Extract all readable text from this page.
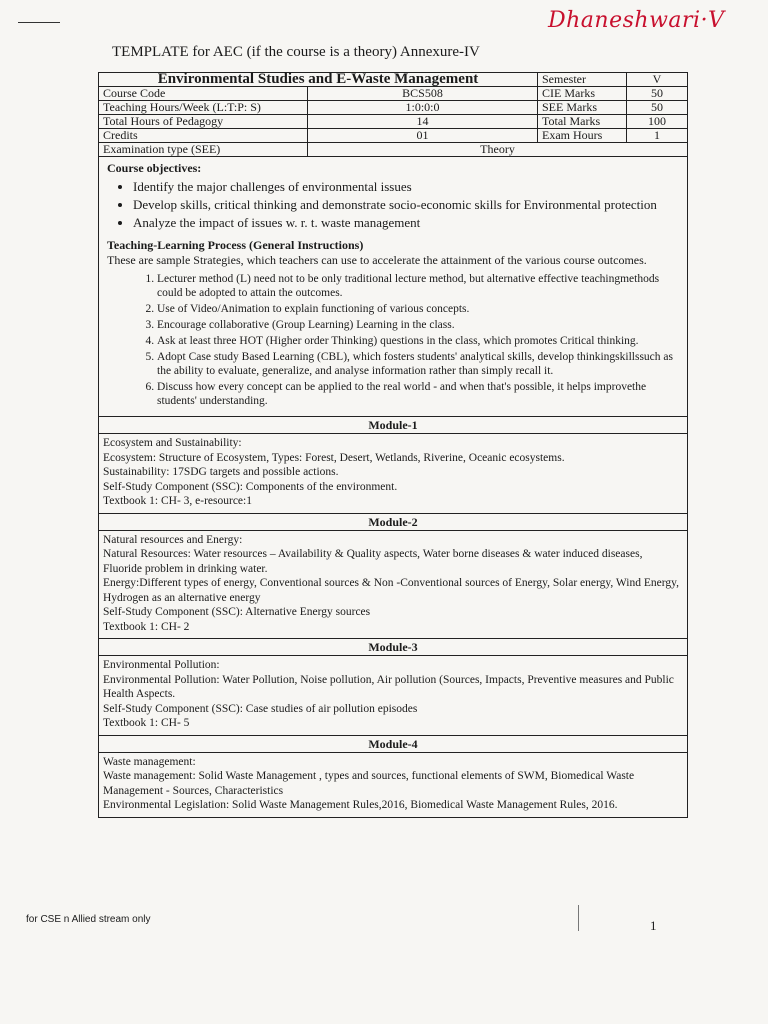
Dhaneshwari·V
TEMPLATE for AEC (if the course is a theory) Annexure-IV
Environmental Studies and E-Waste Management		Semester	V
Course Code	BCS508	CIE Marks	50
Teaching Hours/Week (L:T:P: S)	1:0:0:0	SEE Marks	50
Total Hours of Pedagogy	14	Total Marks	100
Credits	01	Exam Hours	1
Examination type (SEE)	Theory		
Course objectives:
• Identify the major challenges of environmental issues
• Develop skills, critical thinking and demonstrate socio-economic skills for Environmental protection
• Analyze the impact of issues w. r. t. waste management
Teaching-Learning Process (General Instructions)
These are sample Strategies, which teachers can use to accelerate the attainment of the various course outcomes.
1. Lecturer method (L) need not to be only traditional lecture method, but alternative effective teachingmethods could be adopted to attain the outcomes.
2. Use of Video/Animation to explain functioning of various concepts.
3. Encourage collaborative (Group Learning) Learning in the class.
4. Ask at least three HOT (Higher order Thinking) questions in the class, which promotes Critical thinking.
5. Adopt Case study Based Learning (CBL), which fosters students' analytical skills, develop thinkingskillssuch as the ability to evaluate, generalize, and analyse information rather than simply recall it.
6. Discuss how every concept can be applied to the real world - and when that's possible, it helps improvethe students' understanding.
Module-1
Ecosystem and Sustainability:
Ecosystem: Structure of Ecosystem, Types: Forest, Desert, Wetlands, Riverine, Oceanic ecosystems.
Sustainability: 17SDG targets and possible actions.
Self-Study Component (SSC): Components of the environment.
Textbook 1: CH- 3, e-resource:1
Module-2
Natural resources and Energy:
Natural Resources: Water resources – Availability & Quality aspects, Water borne diseases & water induced diseases, Fluoride problem in drinking water.
Energy:Different types of energy, Conventional sources & Non -Conventional sources of Energy, Solar energy, Wind Energy, Hydrogen as an alternative energy
Self-Study Component (SSC): Alternative Energy sources
Textbook 1: CH- 2
Module-3
Environmental Pollution:
Environmental Pollution: Water Pollution, Noise pollution, Air pollution (Sources, Impacts, Preventive measures and Public Health Aspects.
Self-Study Component (SSC): Case studies of air pollution episodes
Textbook 1: CH- 5
Module-4
Waste management:
Waste management: Solid Waste Management , types and sources, functional elements of SWM, Biomedical Waste Management - Sources, Characteristics
Environmental Legislation: Solid Waste Management Rules,2016, Biomedical Waste Management Rules, 2016.
for CSE n Allied stream only	1
